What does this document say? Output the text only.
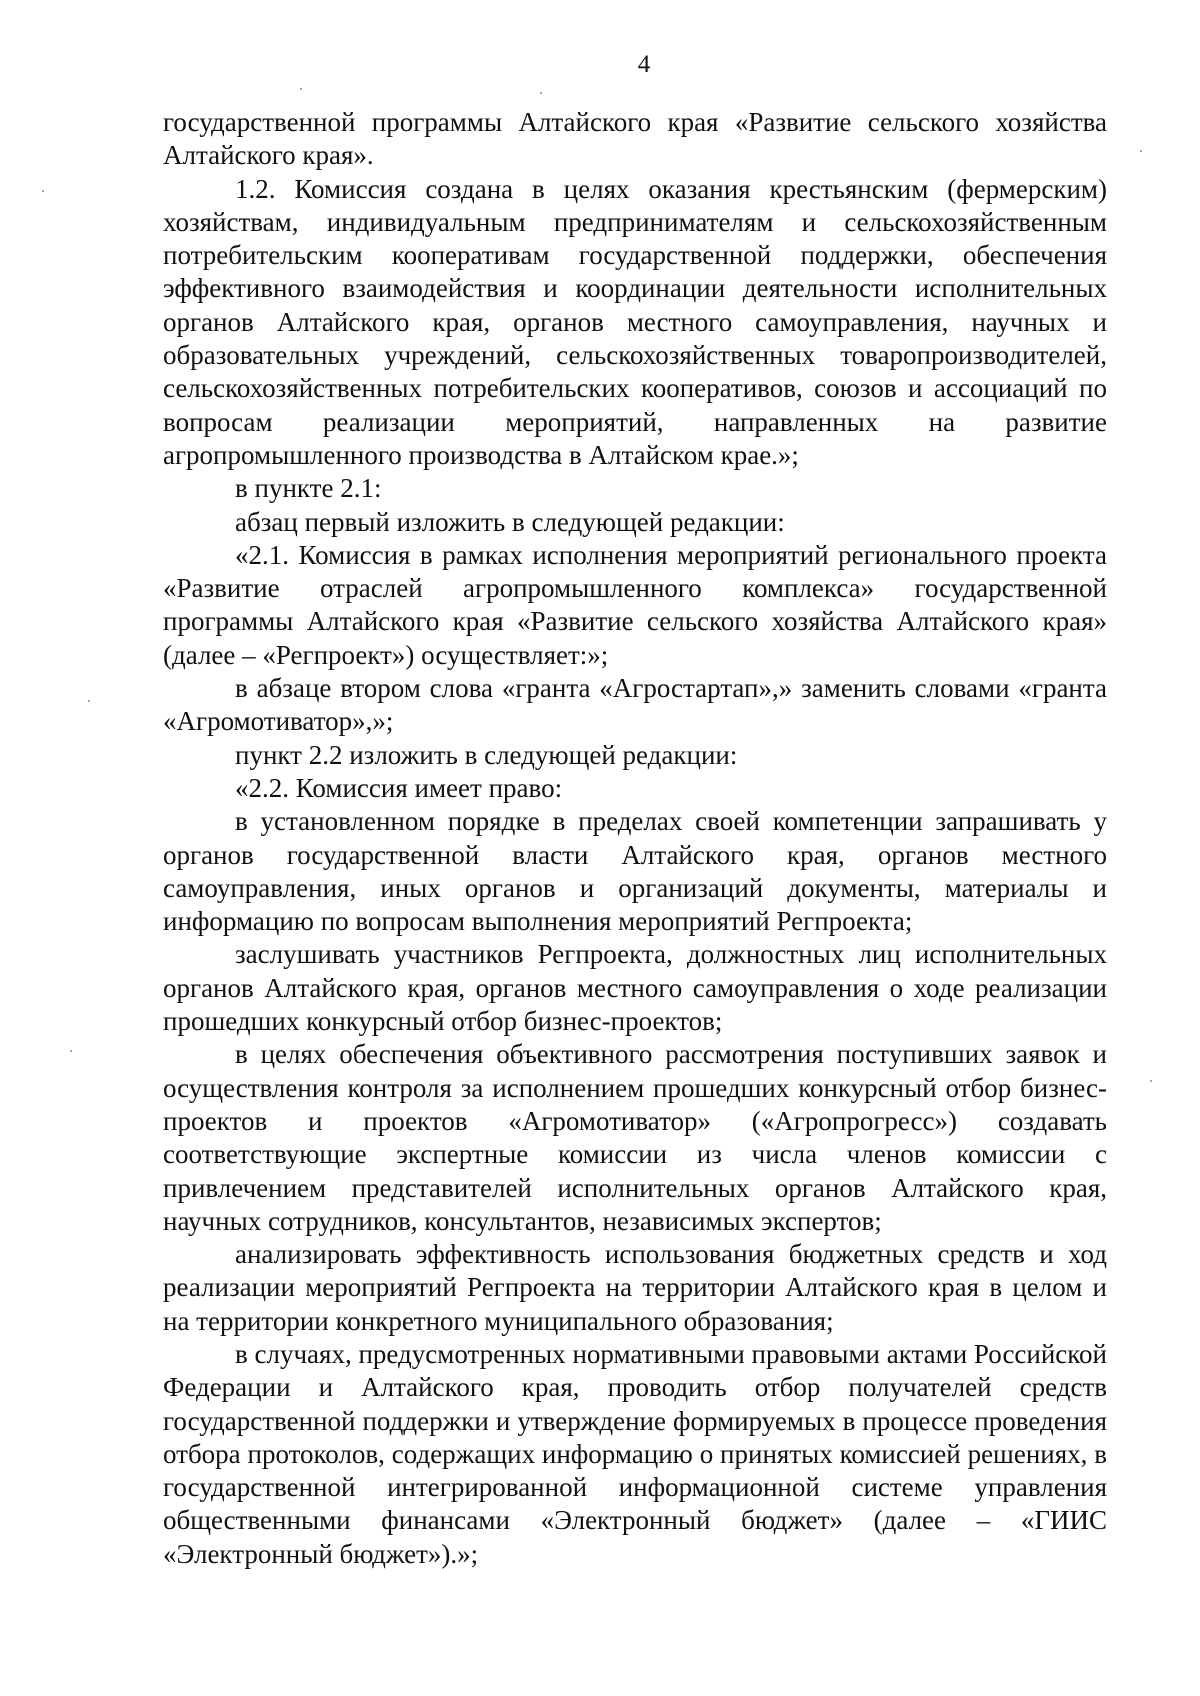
4

государственной программы Алтайского края «Развитие сельского хозяйства Алтайского края».

1.2. Комиссия создана в целях оказания крестьянским (фермерским) хозяйствам, индивидуальным предпринимателям и сельскохозяйственным потребительским кооперативам государственной поддержки, обеспечения эффективного взаимодействия и координации деятельности исполнительных органов Алтайского края, органов местного самоуправления, научных и образовательных учреждений, сельскохозяйственных товаропроизводителей, сельскохозяйственных потребительских кооперативов, союзов и ассоциаций по вопросам реализации мероприятий, направленных на развитие агропромышленного производства в Алтайском крае.»;

в пункте 2.1:

абзац первый изложить в следующей редакции:

«2.1. Комиссия в рамках исполнения мероприятий регионального проекта «Развитие отраслей агропромышленного комплекса» государственной программы Алтайского края «Развитие сельского хозяйства Алтайского края» (далее – «Регпроект») осуществляет:»;

в абзаце втором слова «гранта «Агростартап»,» заменить словами «гранта «Агромотиватор»,»;

пункт 2.2 изложить в следующей редакции:

«2.2. Комиссия имеет право:

в установленном порядке в пределах своей компетенции запрашивать у органов государственной власти Алтайского края, органов местного самоуправления, иных органов и организаций документы, материалы и информацию по вопросам выполнения мероприятий Регпроекта;

заслушивать участников Регпроекта, должностных лиц исполнительных органов Алтайского края, органов местного самоуправления о ходе реализации прошедших конкурсный отбор бизнес-проектов;

в целях обеспечения объективного рассмотрения поступивших заявок и осуществления контроля за исполнением прошедших конкурсный отбор бизнес-проектов и проектов «Агромотиватор» («Агропрогресс») создавать соответствующие экспертные комиссии из числа членов комиссии с привлечением представителей исполнительных органов Алтайского края, научных сотрудников, консультантов, независимых экспертов;

анализировать эффективность использования бюджетных средств и ход реализации мероприятий Регпроекта на территории Алтайского края в целом и на территории конкретного муниципального образования;

в случаях, предусмотренных нормативными правовыми актами Российской Федерации и Алтайского края, проводить отбор получателей средств государственной поддержки и утверждение формируемых в процессе проведения отбора протоколов, содержащих информацию о принятых комиссией решениях, в государственной интегрированной информационной системе управления общественными финансами «Электронный бюджет» (далее – «ГИИС «Электронный бюджет»).»;
